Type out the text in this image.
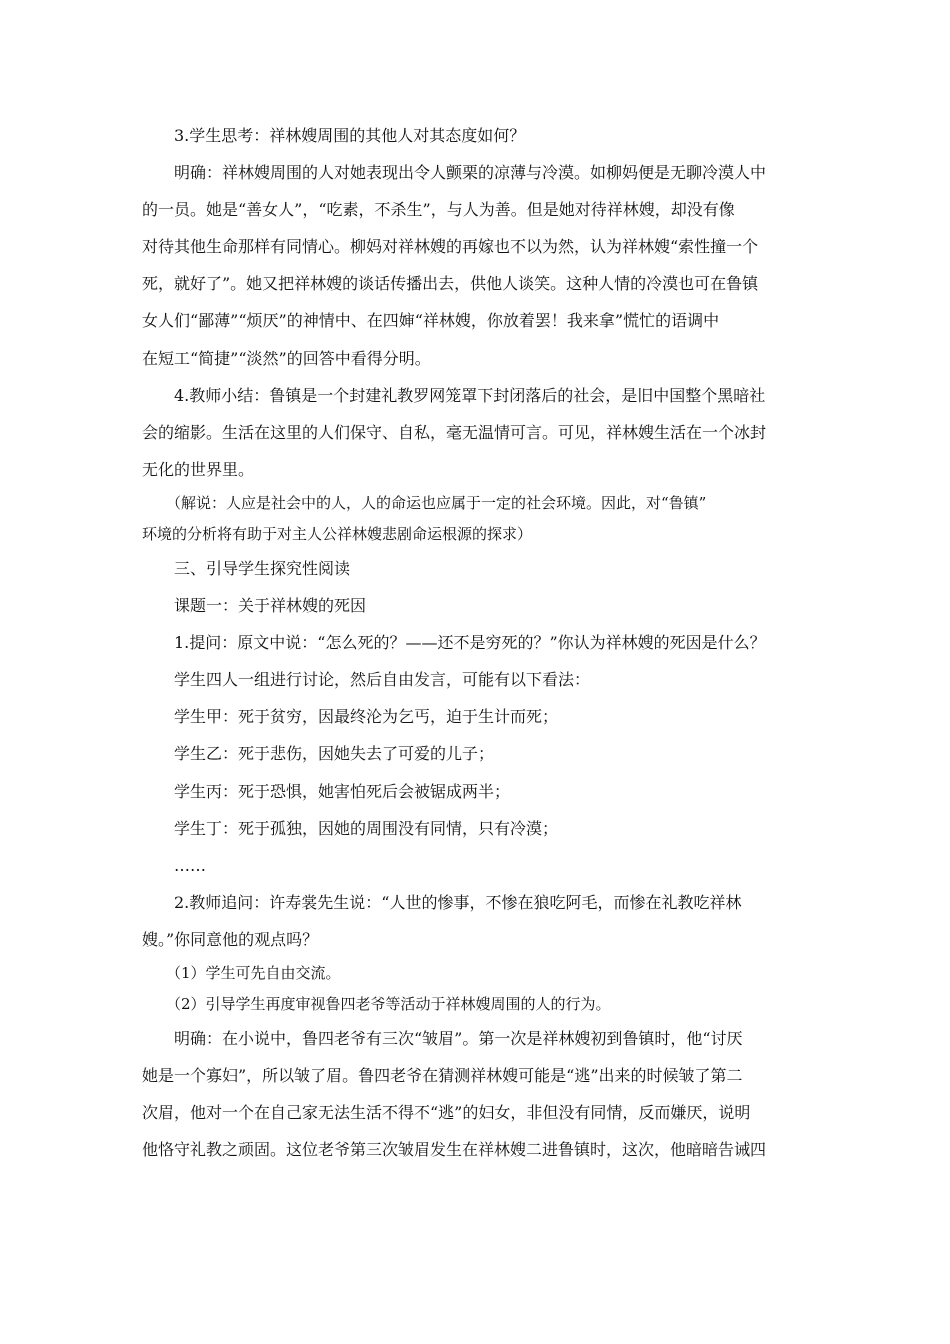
3.学生思考：祥林嫂周围的其他人对其态度如何？
明确：祥林嫂周围的人对她表现出令人颤栗的凉薄与冷漠。如柳妈便是无聊冷漠人中
的一员。她是“善女人”，“吃素，不杀生”，与人为善。但是她对待祥林嫂，却没有像
对待其他生命那样有同情心。柳妈对祥林嫂的再嫁也不以为然，认为祥林嫂“索性撞一个
死，就好了”。她又把祥林嫂的谈话传播出去，供他人谈笑。这种人情的冷漠也可在鲁镇
女人们“鄙薄”“烦厌”的神情中、在四婶“祥林嫂，你放着罢！我来拿”慌忙的语调中
在短工“简捷”“淡然”的回答中看得分明。
4.教师小结：鲁镇是一个封建礼教罗网笼罩下封闭落后的社会，是旧中国整个黑暗社
会的缩影。生活在这里的人们保守、自私，毫无温情可言。可见，祥林嫂生活在一个冰封
无化的世界里。
（解说：人应是社会中的人，人的命运也应属于一定的社会环境。因此，对“鲁镇”
环境的分析将有助于对主人公祥林嫂悲剧命运根源的探求）
三、引导学生探究性阅读
课题一：关于祥林嫂的死因
1.提问：原文中说：“怎么死的？——还不是穷死的？”你认为祥林嫂的死因是什么？
学生四人一组进行讨论，然后自由发言，可能有以下看法：
学生甲：死于贫穷，因最终沦为乞丐，迫于生计而死；
学生乙：死于悲伤，因她失去了可爱的儿子；
学生丙：死于恐惧，她害怕死后会被锯成两半；
学生丁：死于孤独，因她的周围没有同情，只有冷漠；
……
2.教师追问：许寿裳先生说：“人世的惨事，不惨在狼吃阿毛，而惨在礼教吃祥林
嫂。”你同意他的观点吗？
（1）学生可先自由交流。
（2）引导学生再度审视鲁四老爷等活动于祥林嫂周围的人的行为。
明确：在小说中，鲁四老爷有三次“皱眉”。第一次是祥林嫂初到鲁镇时，他“讨厌
她是一个寡妇”，所以皱了眉。鲁四老爷在猜测祥林嫂可能是“逃”出来的时候皱了第二
次眉，他对一个在自己家无法生活不得不“逃”的妇女，非但没有同情，反而嫌厌，说明
他恪守礼教之顽固。这位老爷第三次皱眉发生在祥林嫂二进鲁镇时，这次，他暗暗告诫四
